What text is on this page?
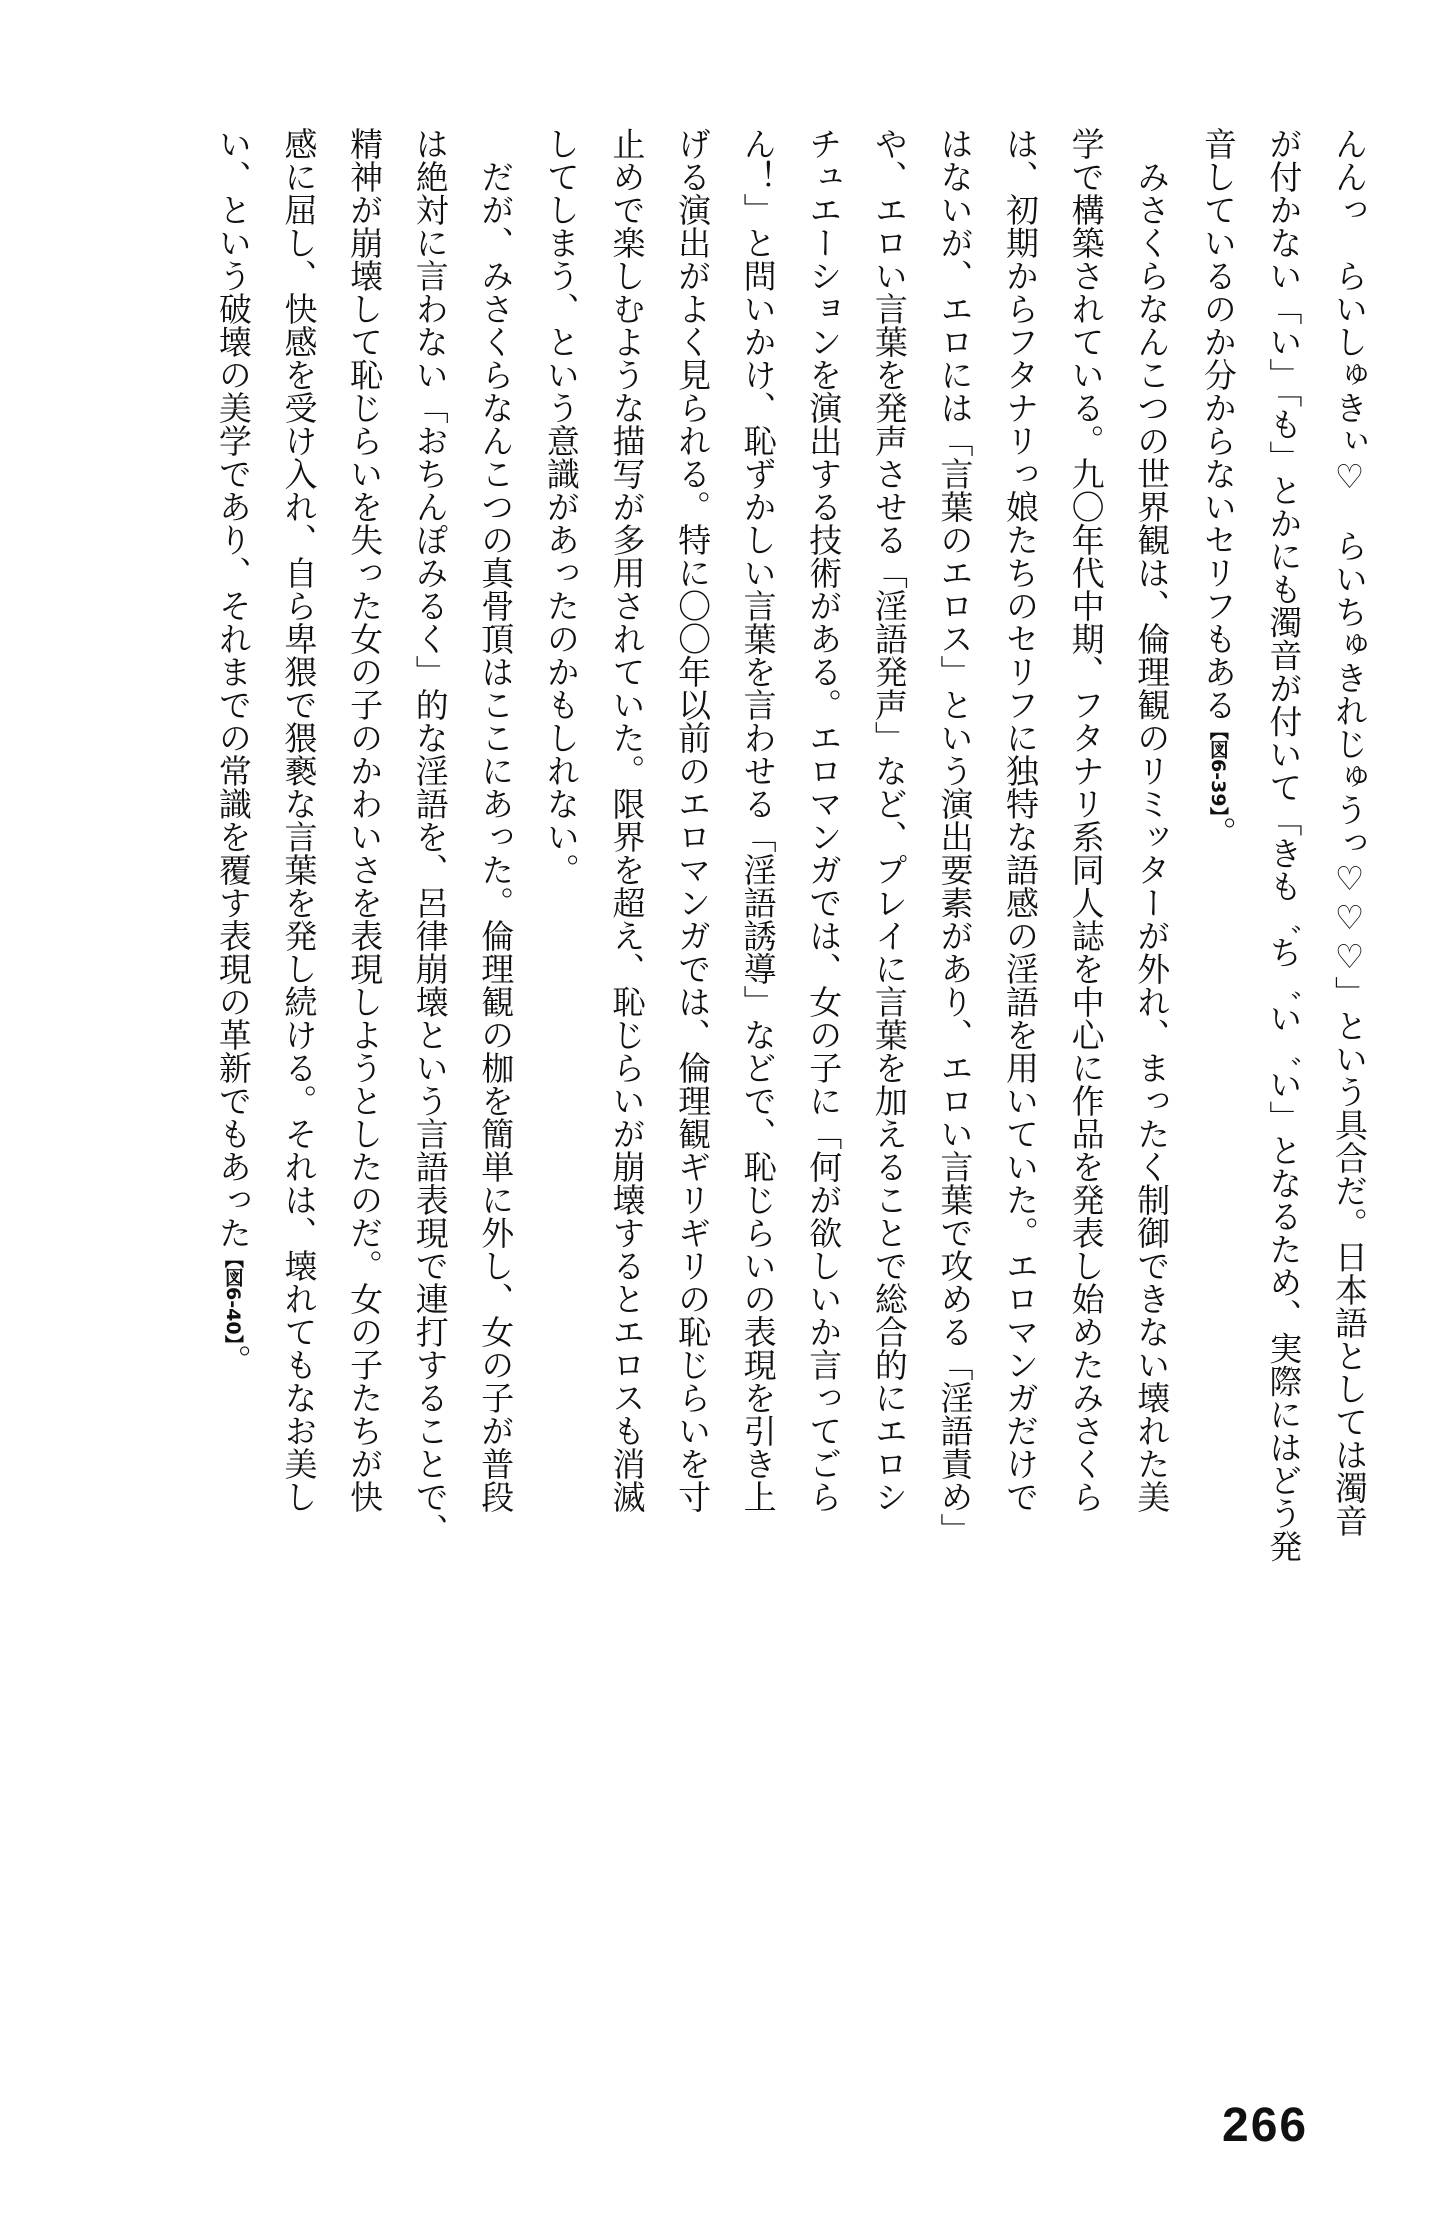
んんっ　らいしゅきぃ♡　らいちゅきれじゅうっ♡♡♡」という具合だ。日本語としては濁音
が付かない「い」「も」とかにも濁音が付いて「きも゛ち゛い゛い」となるため、実際にはどう発
音しているのか分からないセリフもある【図6-39】。
　みさくらなんこつの世界観は、倫理観のリミッターが外れ、まったく制御できない壊れた美
学で構築されている。九〇年代中期、フタナリ系同人誌を中心に作品を発表し始めたみさくら
は、初期からフタナリっ娘たちのセリフに独特な語感の淫語を用いていた。エロマンガだけで
はないが、エロには「言葉のエロス」という演出要素があり、エロい言葉で攻める「淫語責め」
や、エロい言葉を発声させる「淫語発声」など、プレイに言葉を加えることで総合的にエロシ
チュエーションを演出する技術がある。エロマンガでは、女の子に「何が欲しいか言ってごら
ん！」と問いかけ、恥ずかしい言葉を言わせる「淫語誘導」などで、恥じらいの表現を引き上
げる演出がよく見られる。特に〇〇年以前のエロマンガでは、倫理観ギリギリの恥じらいを寸
止めで楽しむような描写が多用されていた。限界を超え、恥じらいが崩壊するとエロスも消滅
してしまう、という意識があったのかもしれない。
　だが、みさくらなんこつの真骨頂はここにあった。倫理観の枷を簡単に外し、女の子が普段
は絶対に言わない「おちんぽみるく」的な淫語を、呂律崩壊という言語表現で連打することで、
精神が崩壊して恥じらいを失った女の子のかわいさを表現しようとしたのだ。女の子たちが快
感に屈し、快感を受け入れ、自ら卑猥で猥褻な言葉を発し続ける。それは、壊れてもなお美し
い、という破壊の美学であり、それまでの常識を覆す表現の革新でもあった【図6-40】。
266
